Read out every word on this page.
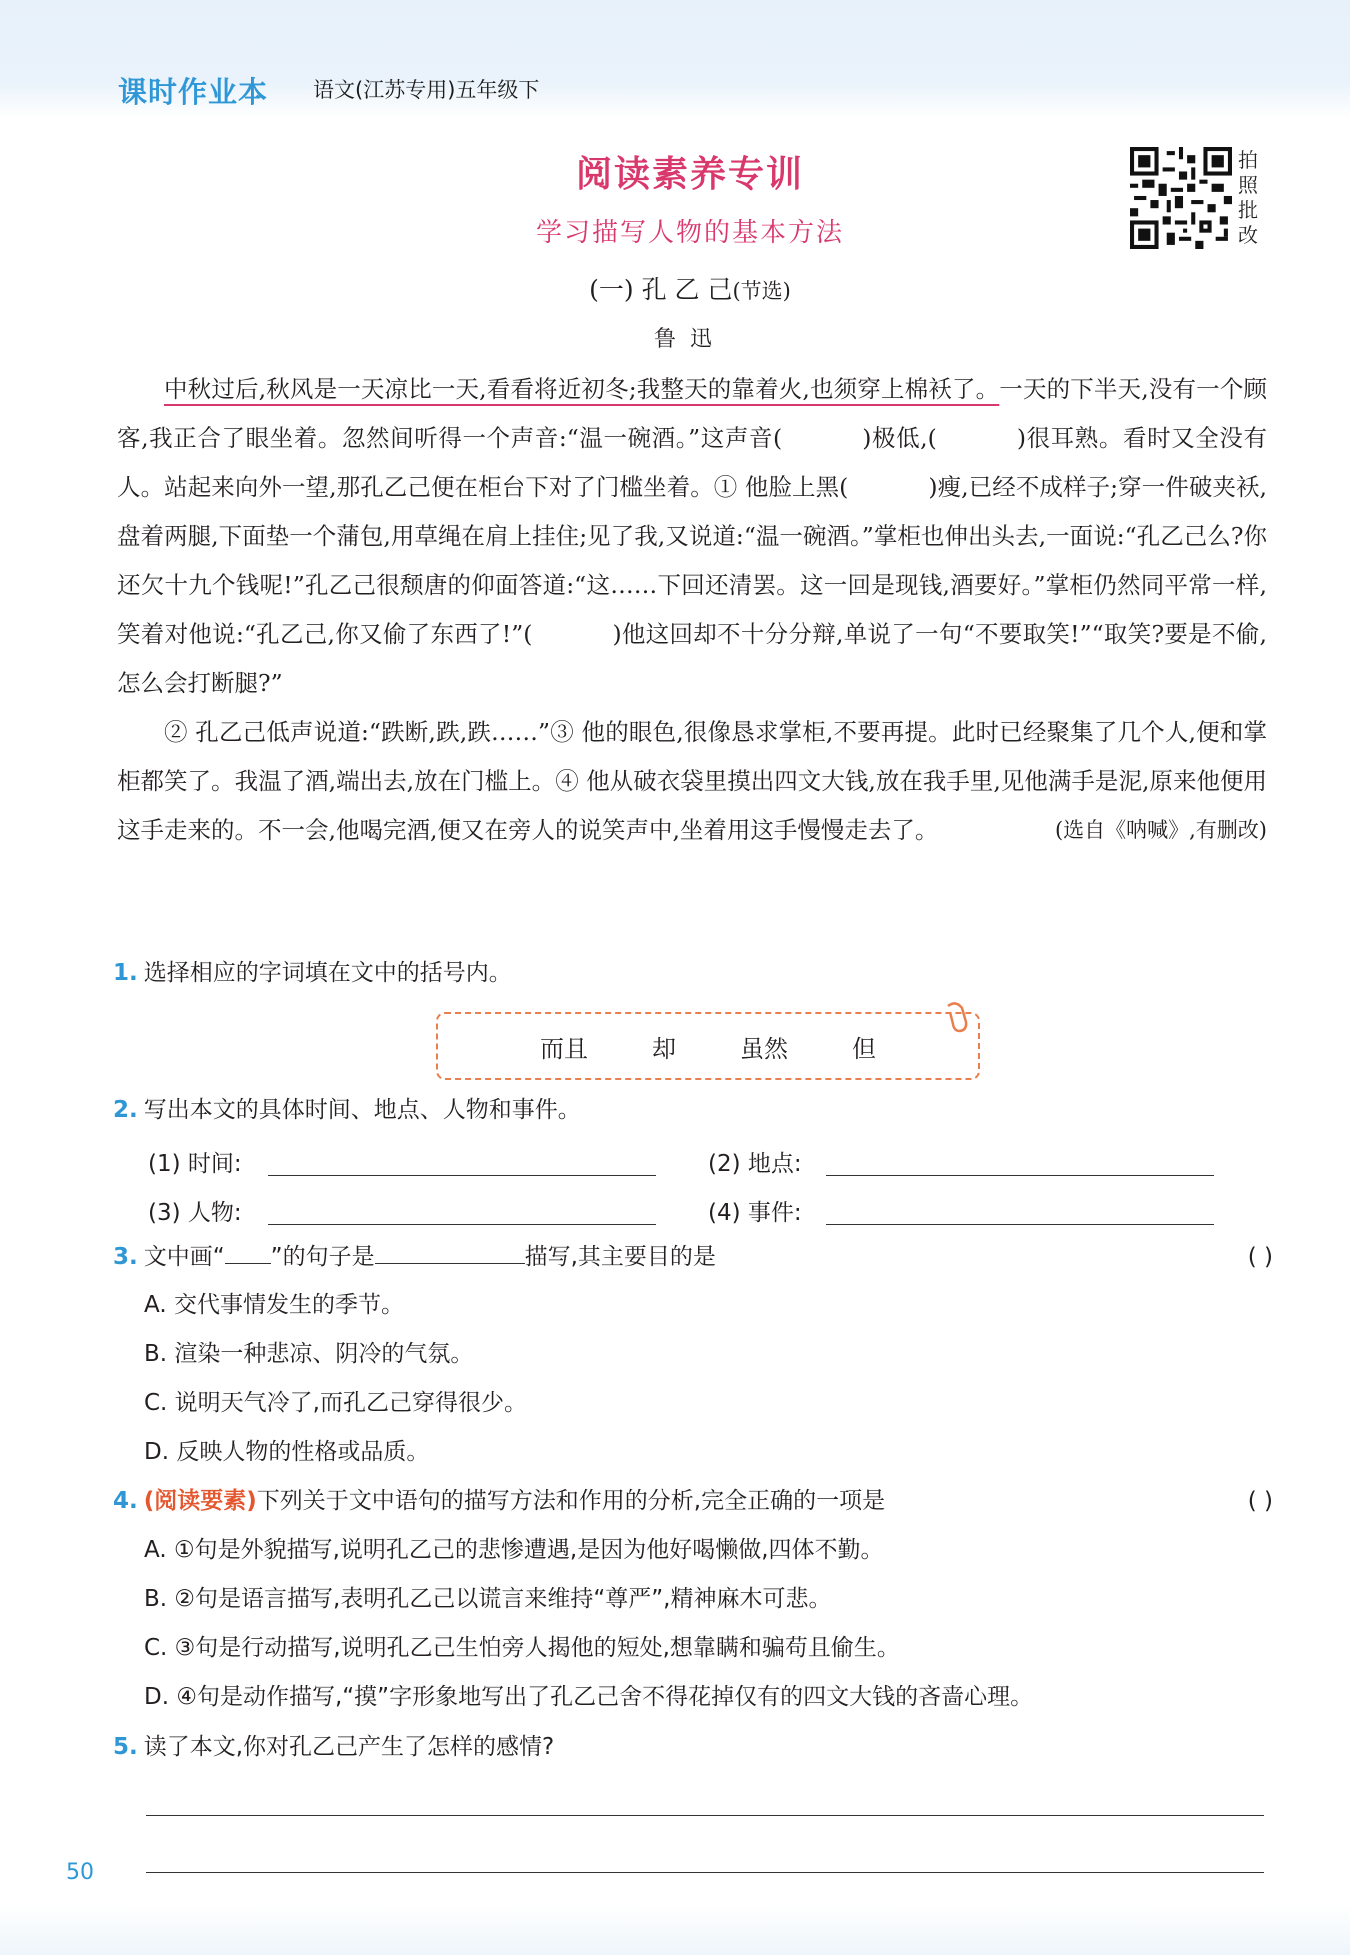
课时作业本 语文(江苏专用)五年级下
阅读素养专训
学习描写人物的基本方法
拍照批改
(一) 孔 乙 己(节选)
鲁迅

中秋过后,秋风是一天凉比一天,看看将近初冬;我整天的靠着火,也须穿上棉袄了。一天的下半天,没有一个顾客,我正合了眼坐着。忽然间听得一个声音:“温一碗酒。”这声音(	)极低,(	)很耳熟。看时又全没有人。站起来向外一望,那孔乙己便在柜台下对了门槛坐着。① 他脸上黑(	)瘦,已经不成样子;穿一件破夹袄,盘着两腿,下面垫一个蒲包,用草绳在肩上挂住;见了我,又说道:“温一碗酒。”掌柜也伸出头去,一面说:“孔乙己么?你还欠十九个钱呢!”孔乙己很颓唐的仰面答道:“这……下回还清罢。这一回是现钱,酒要好。”掌柜仍然同平常一样,笑着对他说:“孔乙己,你又偷了东西了!”(	)他这回却不十分分辩,单说了一句“不要取笑!”“取笑?要是不偷,怎么会打断腿?”

② 孔乙己低声说道:“跌断,跌,跌……”③ 他的眼色,很像恳求掌柜,不要再提。此时已经聚集了几个人,便和掌柜都笑了。我温了酒,端出去,放在门槛上。④ 他从破衣袋里摸出四文大钱,放在我手里,见他满手是泥,原来他便用这手走来的。不一会,他喝完酒,便又在旁人的说笑声中,坐着用这手慢慢走去了。	(选自《呐喊》,有删改)

1. 选择相应的字词填在文中的括号内。
而且	却	虽然	但
2. 写出本文的具体时间、地点、人物和事件。
(1) 时间:	(2) 地点:
(3) 人物:	(4) 事件:
3. 文中画“ ”的句子是	描写,其主要目的是	( )
A. 交代事情发生的季节。
B. 渲染一种悲凉、阴冷的气氛。
C. 说明天气冷了,而孔乙己穿得很少。
D. 反映人物的性格或品质。
4. (阅读要素)下列关于文中语句的描写方法和作用的分析,完全正确的一项是	( )
A. ①句是外貌描写,说明孔乙己的悲惨遭遇,是因为他好喝懒做,四体不勤。
B. ②句是语言描写,表明孔乙己以谎言来维持“尊严”,精神麻木可悲。
C. ③句是行动描写,说明孔乙己生怕旁人揭他的短处,想靠瞒和骗苟且偷生。
D. ④句是动作描写,“摸”字形象地写出了孔乙己舍不得花掉仅有的四文大钱的吝啬心理。
5. 读了本文,你对孔乙己产生了怎样的感情?
50
